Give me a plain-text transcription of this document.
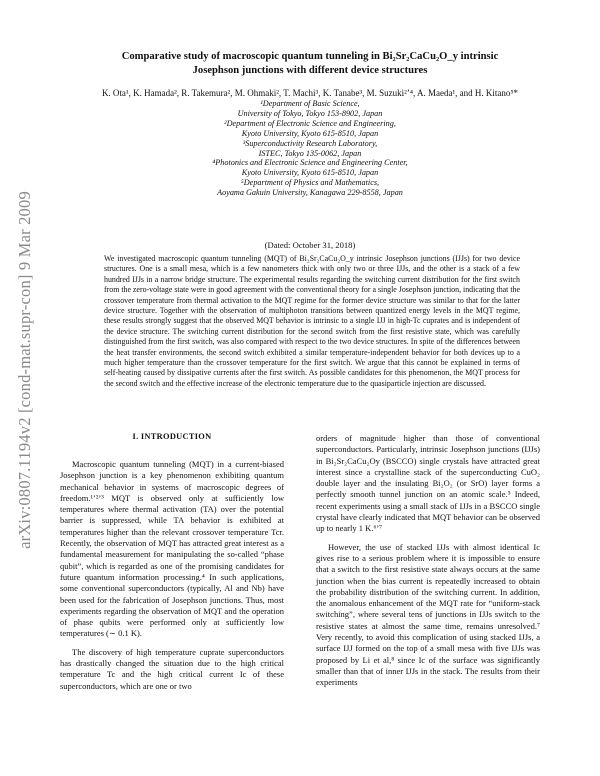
arXiv:0807.1194v2 [cond-mat.supr-con] 9 Mar 2009
Comparative study of macroscopic quantum tunneling in Bi₂Sr₂CaCu₂O_y intrinsic
Josephson junctions with different device structures
K. Ota¹, K. Hamada², R. Takemura², M. Ohmaki², T. Machi³, K. Tanabe³, M. Suzuki²ʼ⁴, A. Maeda¹, and H. Kitano⁵*
¹Department of Basic Science,
University of Tokyo, Tokyo 153-8902, Japan
²Department of Electronic Science and Engineering,
Kyoto University, Kyoto 615-8510, Japan
³Superconductivity Research Laboratory,
ISTEC, Tokyo 135-0062, Japan
⁴Photonics and Electronic Science and Engineering Center,
Kyoto University, Kyoto 615-8510, Japan
⁵Department of Physics and Mathematics,
Aoyama Gakuin University, Kanagawa 229-8558, Japan
(Dated: October 31, 2018)
We investigated macroscopic quantum tunneling (MQT) of Bi₂Sr₂CaCu₂O_y intrinsic Josephson junctions (IJJs) for two device structures. One is a small mesa, which is a few nanometers thick with only two or three IJJs, and the other is a stack of a few hundred IJJs in a narrow bridge structure. The experimental results regarding the switching current distribution for the first switch from the zero-voltage state were in good agreement with the conventional theory for a single Josephson junction, indicating that the crossover temperature from thermal activation to the MQT regime for the former device structure was similar to that for the latter device structure. Together with the observation of multiphoton transitions between quantized energy levels in the MQT regime, these results strongly suggest that the observed MQT behavior is intrinsic to a single IJJ in high-Tc cuprates and is independent of the device structure. The switching current distribution for the second switch from the first resistive state, which was carefully distinguished from the first switch, was also compared with respect to the two device structures. In spite of the differences between the heat transfer environments, the second switch exhibited a similar temperature-independent behavior for both devices up to a much higher temperature than the crossover temperature for the first switch. We argue that this cannot be explained in terms of self-heating caused by dissipative currents after the first switch. As possible candidates for this phenomenon, the MQT process for the second switch and the effective increase of the electronic temperature due to the quasiparticle injection are discussed.
I. INTRODUCTION

Macroscopic quantum tunneling (MQT) in a current-biased Josephson junction is a key phenomenon exhibiting quantum mechanical behavior in systems of macroscopic degrees of freedom.¹ʼ²ʼ³ MQT is observed only at sufficiently low temperatures where thermal activation (TA) over the potential barrier is suppressed, while TA behavior is exhibited at temperatures higher than the relevant crossover temperature Tcr. Recently, the observation of MQT has attracted great interest as a fundamental measurement for manipulating the so-called “phase qubit”, which is regarded as one of the promising candidates for future quantum information processing.⁴ In such applications, some conventional superconductors (typically, Al and Nb) have been used for the fabrication of Josephson junctions. Thus, most experiments regarding the observation of MQT and the operation of phase qubits were performed only at sufficiently low temperatures (∼ 0.1 K).

The discovery of high temperature cuprate superconductors has drastically changed the situation due to the high critical temperature Tc and the high critical current Ic of these superconductors, which are one or two

orders of magnitude higher than those of conventional superconductors. Particularly, intrinsic Josephson junctions (IJJs) in Bi₂Sr₂CaCu₂Oy (BSCCO) single crystals have attracted great interest since a crystalline stack of the superconducting CuO₂ double layer and the insulating Bi₂O₂ (or SrO) layer forms a perfectly smooth tunnel junction on an atomic scale.⁵ Indeed, recent experiments using a small stack of IJJs in a BSCCO single crystal have clearly indicated that MQT behavior can be observed up to nearly 1 K.⁶ʼ⁷

However, the use of stacked IJJs with almost identical Ic gives rise to a serious problem where it is impossible to ensure that a switch to the first resistive state always occurs at the same junction when the bias current is repeatedly increased to obtain the probability distribution of the switching current. In addition, the anomalous enhancement of the MQT rate for “uniform-stack switching”, where several tens of junctions in IJJs switch to the resistive states at almost the same time, remains unresolved.⁷ Very recently, to avoid this complication of using stacked IJJs, a surface IJJ formed on the top of a small mesa with five IJJs was proposed by Li et al,⁸ since Ic of the surface was significantly smaller than that of inner IJJs in the stack. The results from their experiments
